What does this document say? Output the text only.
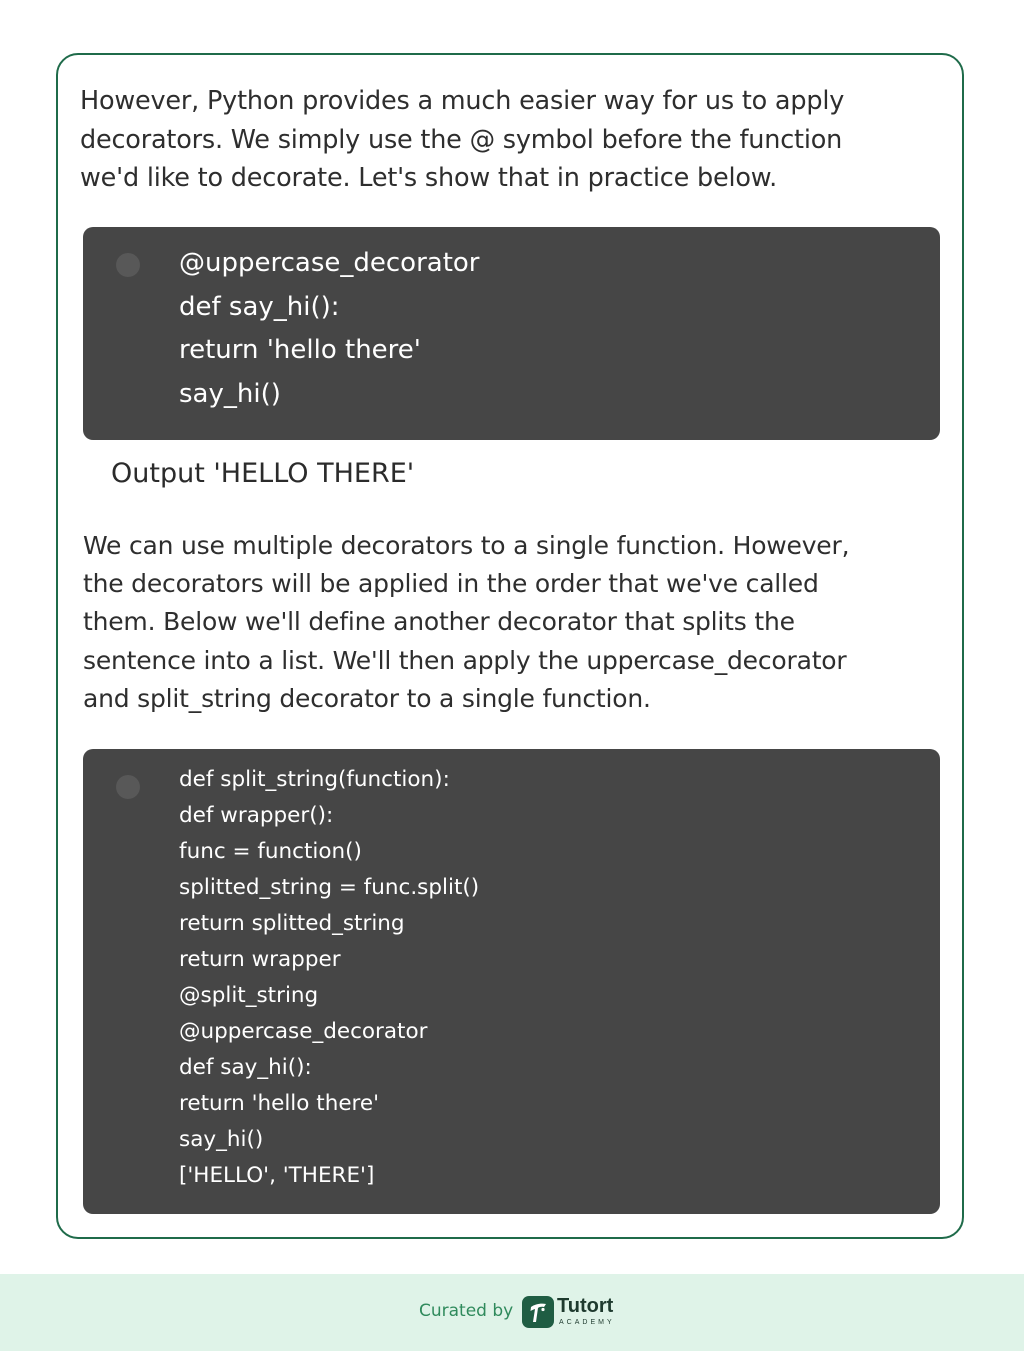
However, Python provides a much easier way for us to apply
decorators. We simply use the @ symbol before the function
we'd like to decorate. Let's show that in practice below.
@uppercase_decorator
def say_hi():
return 'hello there'
say_hi()
Output 'HELLO THERE'
We can use multiple decorators to a single function. However,
the decorators will be applied in the order that we've called
them. Below we'll define another decorator that splits the
sentence into a list. We'll then apply the uppercase_decorator
and split_string decorator to a single function.
def split_string(function):
def wrapper():
func = function()
splitted_string = func.split()
return splitted_string
return wrapper
@split_string
@uppercase_decorator
def say_hi():
return 'hello there'
say_hi()
['HELLO', 'THERE']
Curated by Tutort
ACADEMY
